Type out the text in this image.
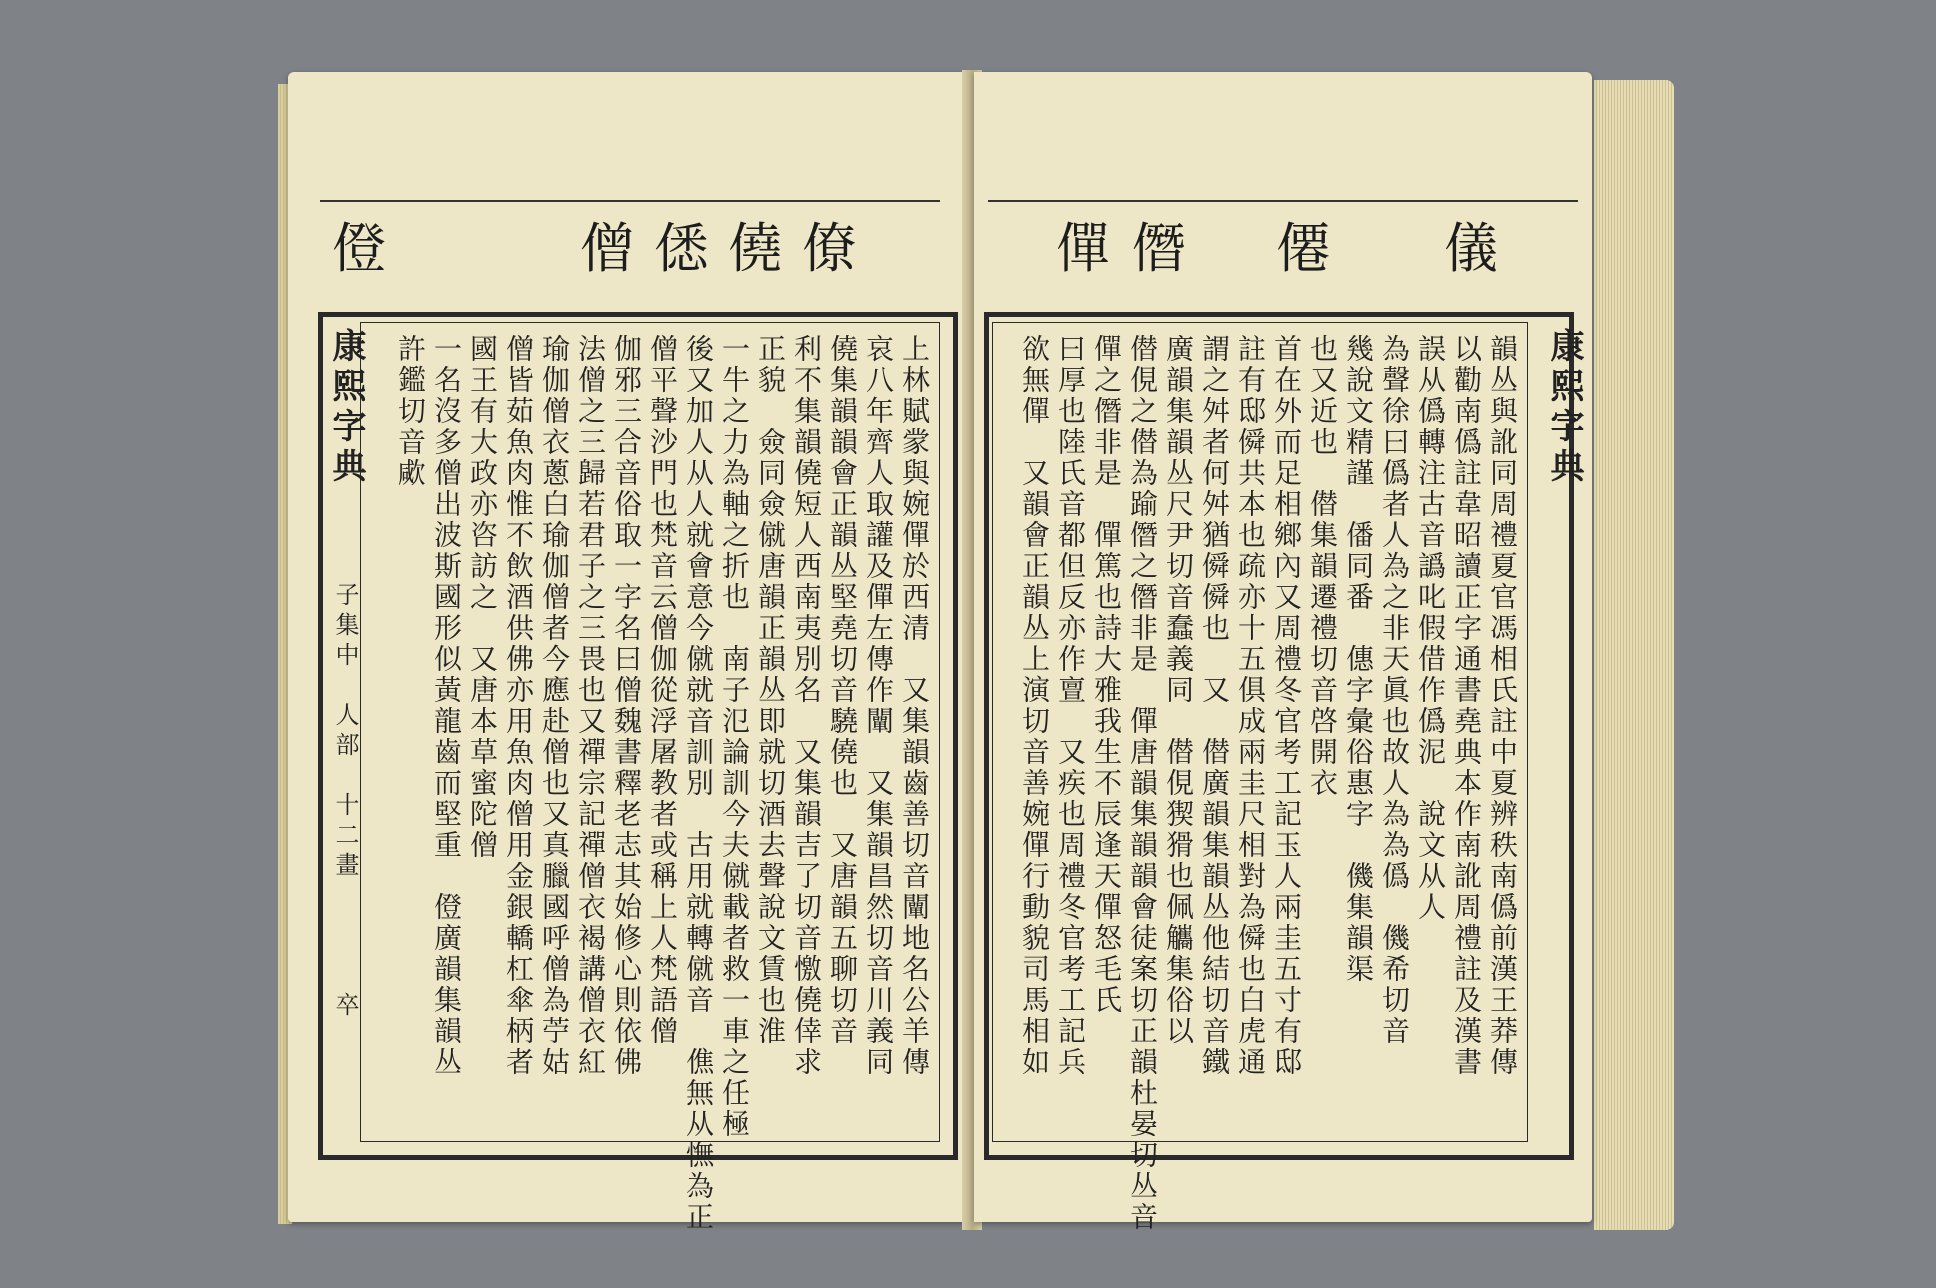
僜	僧 僁 僥 僚
康熙字典
子集中　人部　十二畫
卒	上林賦䝉與婉僤於西清　又集韻齒善切音闡地名公羊傳
哀八年齊人取讙及僤左傳作闡　又集韻昌然切音川義同
僥集韻韻會正韻丛堅堯切音驍僥也　又唐韻五聊切音
利不集韻僥短人西南夷別名　又集韻吉了切音憿僥倖求
正貌　僉同僉僦唐韻正韻丛即就切酒去聲說文賃也淮
一牛之力為軸之折也　南子氾論訓今夫僦載者救一車之任極
後又加人从人就會意今僦就音訓別　古用就轉僦音　僬無从憮為正
僧平聲沙門也梵音云僧伽從浮屠教者或稱上人梵語僧
伽邪三合音俗取一字名曰僧魏書釋老志其始修心則依佛
法僧之三歸若君子之三畏也又禪宗記禪僧衣褐講僧衣紅
瑜伽僧衣蔥白瑜伽僧者今應赴僧也又真臘國呼僧為苧姑
僧皆茹魚肉惟不飲酒供佛亦用魚肉僧用金銀轎杠傘柄者
國王有大政亦咨訪之　又唐本草蜜陀僧
一名沒多僧出波斯國形似黃龍齒而堅重　僜廣韻集韻丛
許鑑切音㰹
僤 僭 僊 儀
康熙字典
韻丛與訛同周禮夏官馮相氏註中夏辨秩南僞前漢王莽傳
以勸南僞註韋昭讀正字通書堯典本作南訛周禮註及漢書
誤从僞轉注古音譌叱假借作僞泥　說文从人
為聲徐曰僞者人為之非天眞也故人為為僞　僟希切音
幾說文精謹　僠同番　僡字彙俗惠字　僟集韻渠
也又近也　僣集韻遷禮切音啓開衣
首在外而足相鄉內又周禮冬官考工記玉人兩圭五寸有邸
註有邸僢共本也疏亦十五俱成兩圭尺相對為僢也白虎通
謂之舛者何舛猶僢僢也　又　僣廣韻集韻丛他結切音鐵
廣韻集韻丛尺尹切音蠢義同　僣俔猰猾也佩觿集俗以
僣俔之僣為踰僭之僭非是　僤唐韻集韻韻會徒案切正韻杜晏切丛音
僤之僭非是　僤篤也詩大雅我生不辰逢天僤怒毛氏
曰厚也陸氏音都但反亦作亶　又疾也周禮冬官考工記兵
欲無僤　又韻會正韻丛上演切音善婉僤行動貌司馬相如
